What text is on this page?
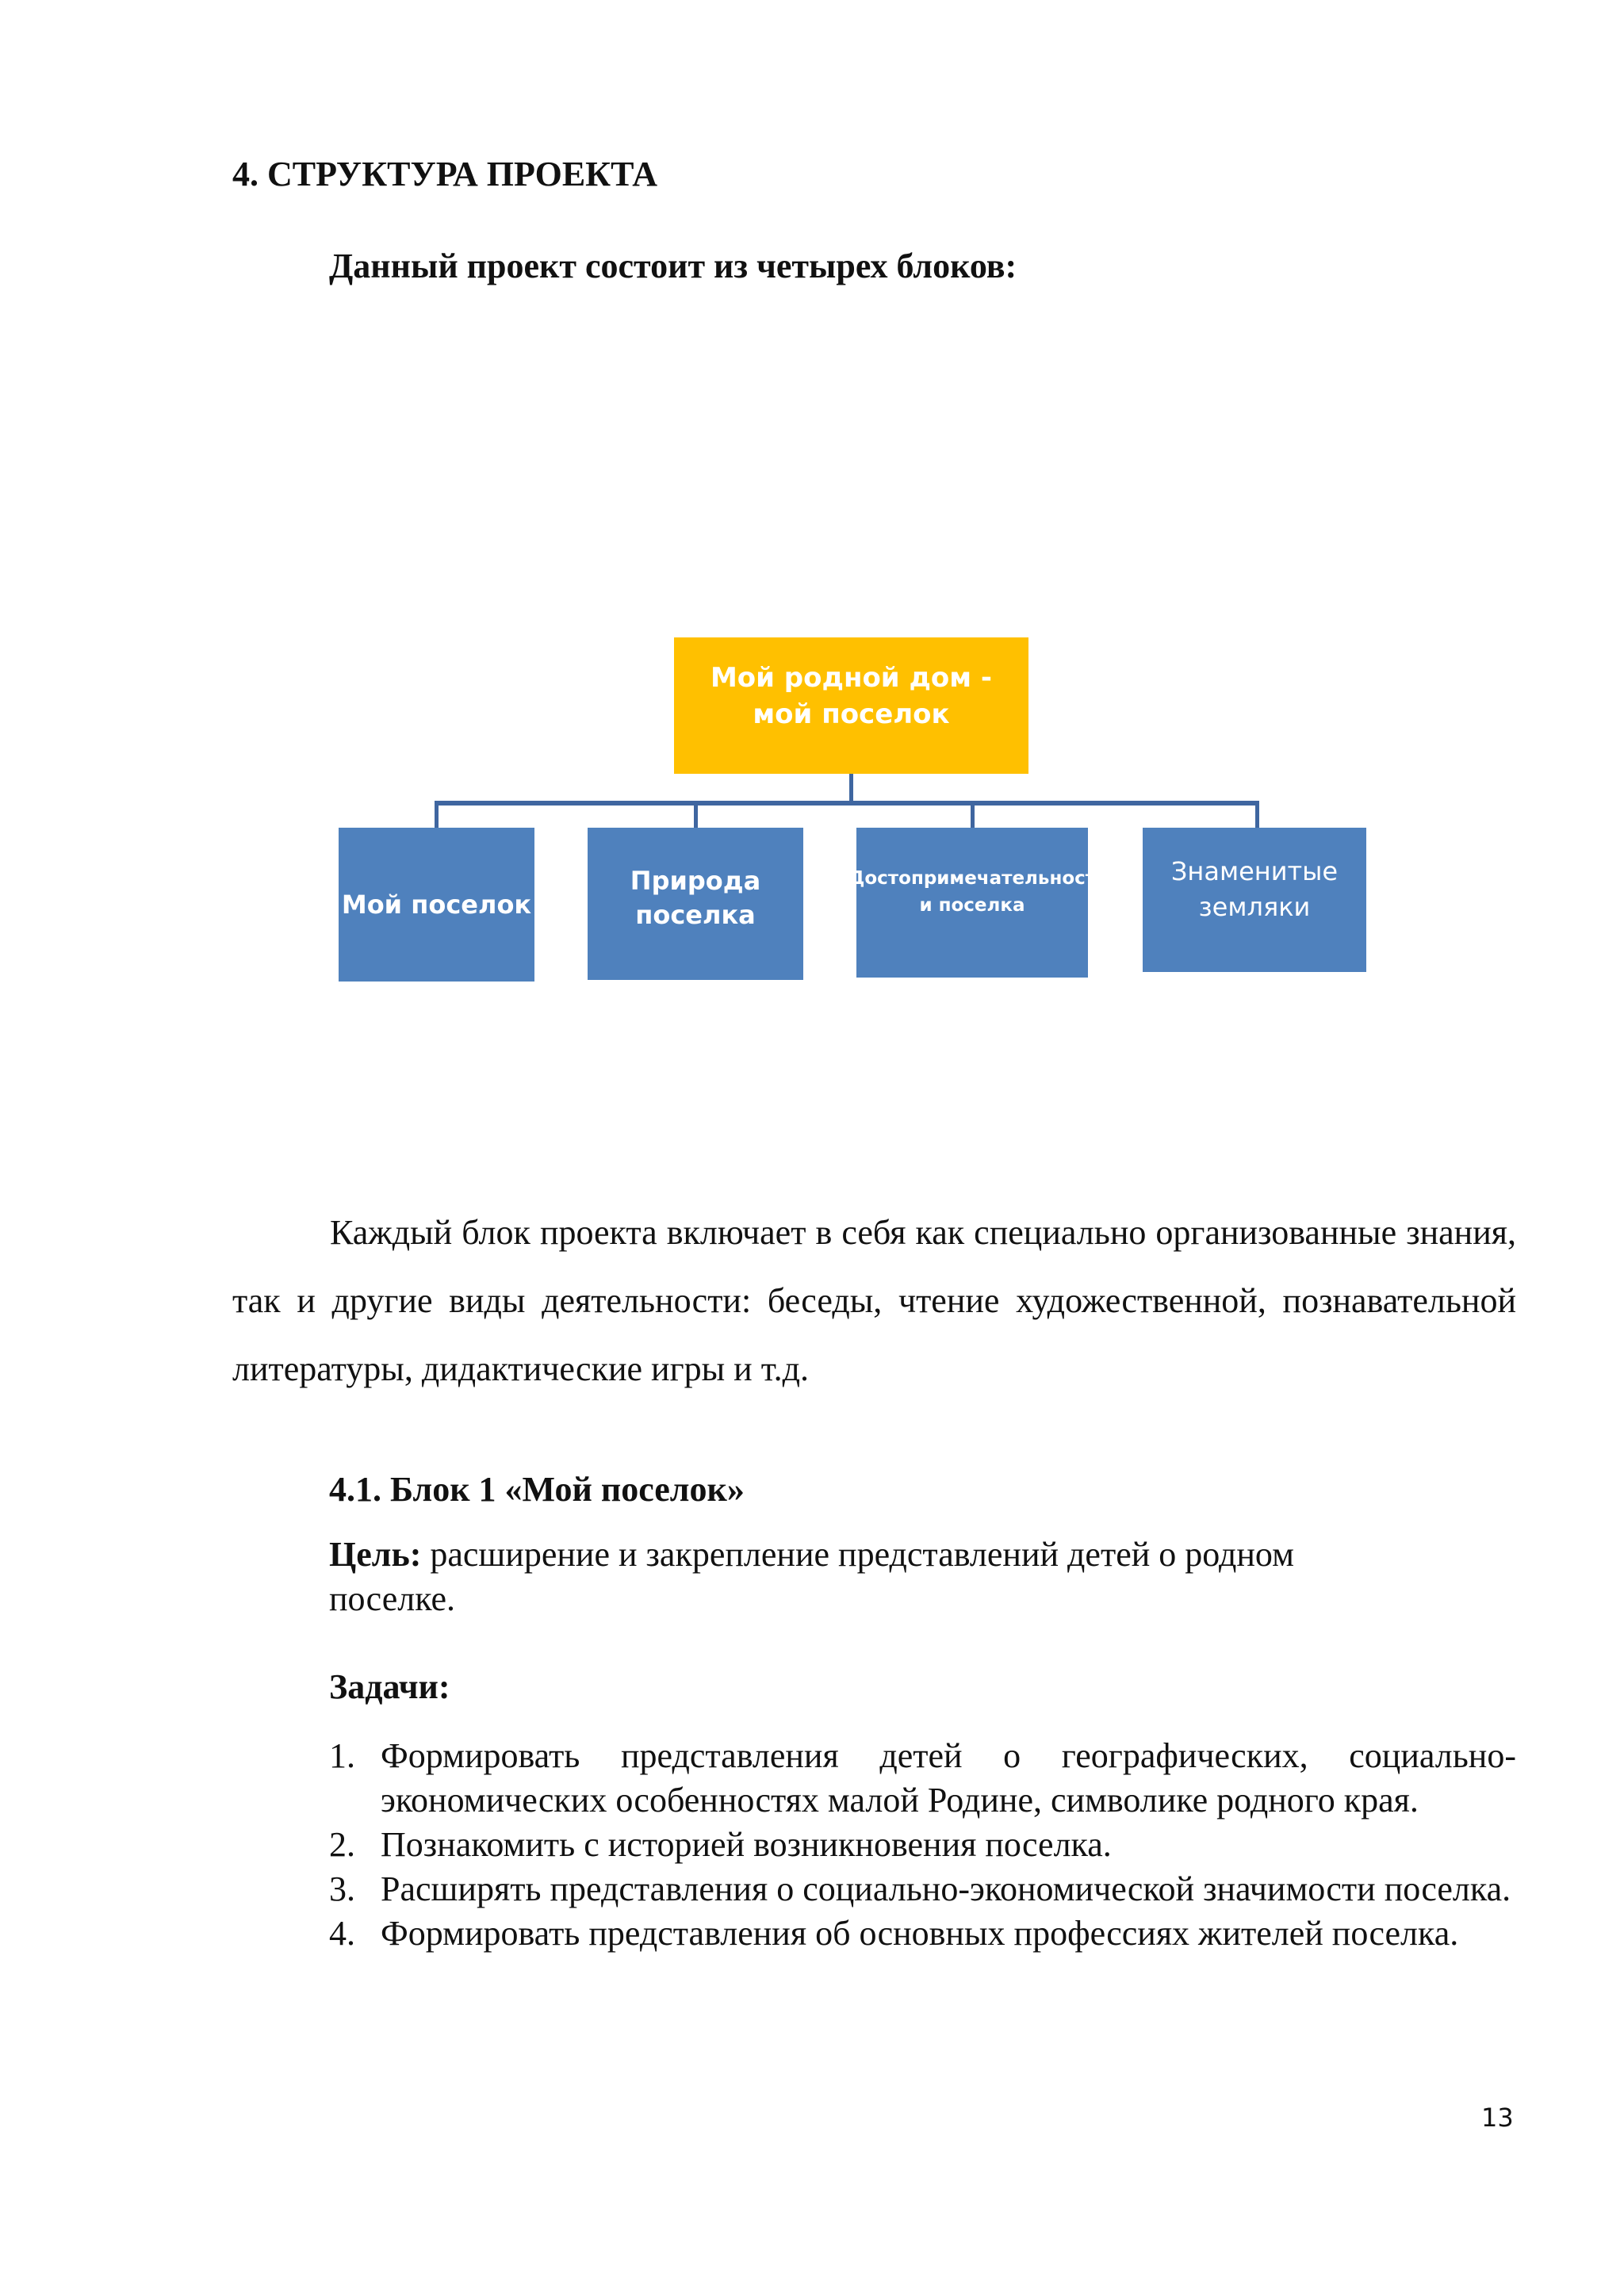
4. СТРУКТУРА ПРОЕКТА
Данный проект состоит из четырех блоков:
Мой родной дом - мой поселок
Мой поселок
Природа поселка
Достопримечательност и поселка
Знаменитые земляки
Каждый блок проекта включает в себя как специально организованные знания, так и другие виды деятельности: беседы, чтение художественной, познавательной литературы, дидактические игры и т.д.
4.1. Блок 1 «Мой поселок»
Цель: расширение и закрепление представлений детей о родном поселке.
Задачи:
1. Формировать представления детей о географических, социально-экономических особенностях малой Родине, символике родного края.
2. Познакомить с историей возникновения поселка.
3. Расширять представления о социально-экономической значимости поселка.
4. Формировать представления об основных профессиях жителей поселка.
13
